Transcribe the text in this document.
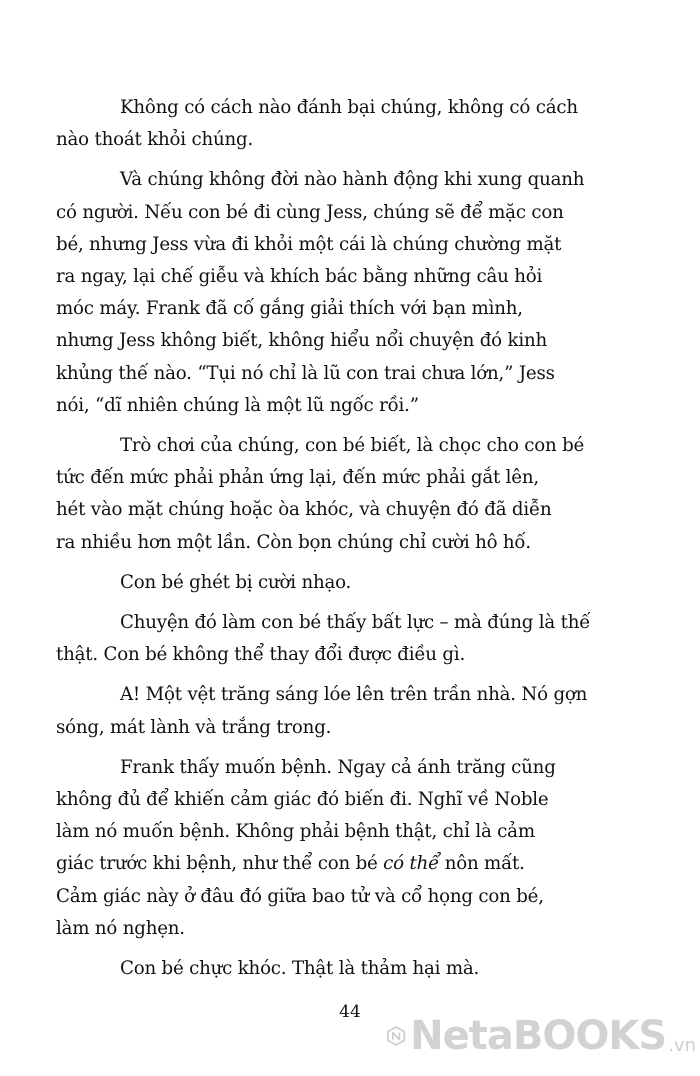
Không có cách nào đánh bại chúng, không có cách
nào thoát khỏi chúng.

Và chúng không đời nào hành động khi xung quanh
có người. Nếu con bé đi cùng Jess, chúng sẽ để mặc con
bé, nhưng Jess vừa đi khỏi một cái là chúng chường mặt
ra ngay, lại chế giễu và khích bác bằng những câu hỏi
móc máy. Frank đã cố gắng giải thích với bạn mình,
nhưng Jess không biết, không hiểu nổi chuyện đó kinh
khủng thế nào. “Tụi nó chỉ là lũ con trai chưa lớn,” Jess
nói, “dĩ nhiên chúng là một lũ ngốc rồi.”

Trò chơi của chúng, con bé biết, là chọc cho con bé
tức đến mức phải phản ứng lại, đến mức phải gắt lên,
hét vào mặt chúng hoặc òa khóc, và chuyện đó đã diễn
ra nhiều hơn một lần. Còn bọn chúng chỉ cười hô hố.

Con bé ghét bị cười nhạo.

Chuyện đó làm con bé thấy bất lực – mà đúng là thế
thật. Con bé không thể thay đổi được điều gì.

A! Một vệt trăng sáng lóe lên trên trần nhà. Nó gợn
sóng, mát lành và trắng trong.

Frank thấy muốn bệnh. Ngay cả ánh trăng cũng
không đủ để khiến cảm giác đó biến đi. Nghĩ về Noble
làm nó muốn bệnh. Không phải bệnh thật, chỉ là cảm
giác trước khi bệnh, như thể con bé có thể nôn mất.
Cảm giác này ở đâu đó giữa bao tử và cổ họng con bé,
làm nó nghẹn.

Con bé chực khóc. Thật là thảm hại mà.

44
NetaBOOKS .vn
